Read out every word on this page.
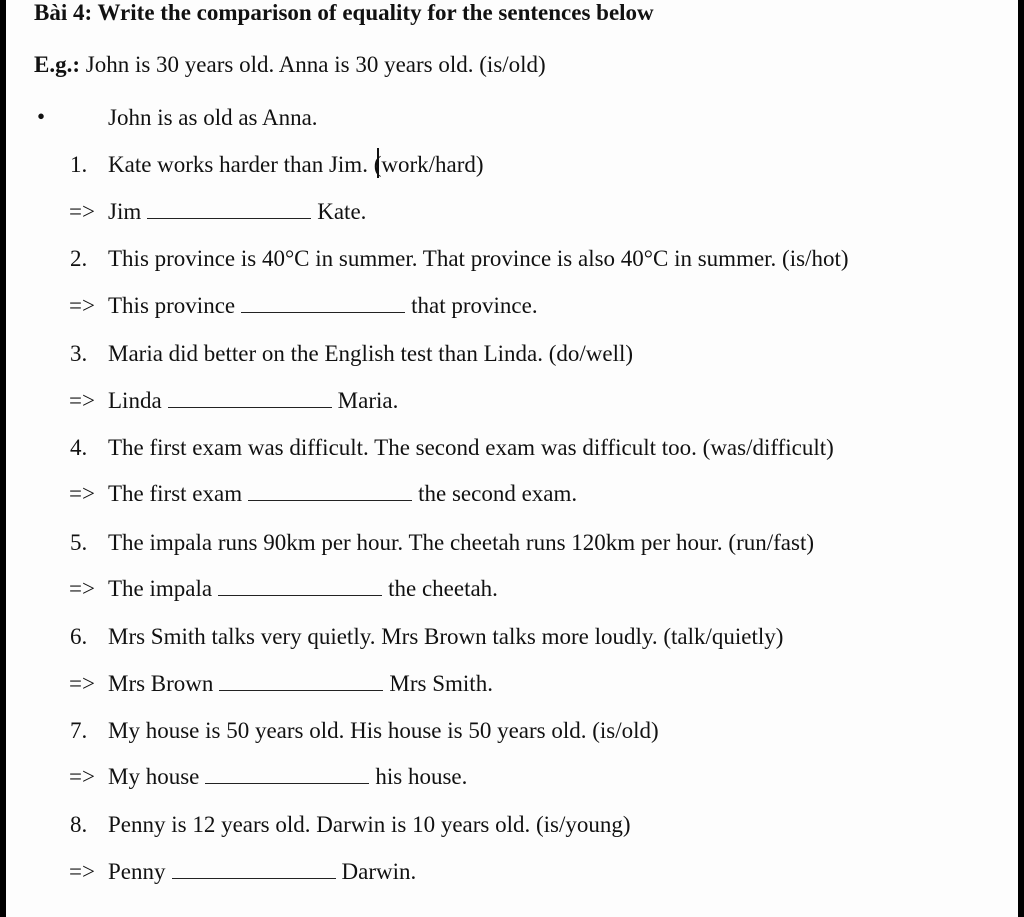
Bài 4: Write the comparison of equality for the sentences below
E.g.: John is 30 years old. Anna is 30 years old. (is/old)
•	John is as old as Anna.
1. Kate works harder than Jim. (work/hard)
=> Jim	Kate.
2. This province is 40°C in summer. That province is also 40°C in summer. (is/hot)
=> This province	that province.
3. Maria did better on the English test than Linda. (do/well)
=> Linda	Maria.
4. The first exam was difficult. The second exam was difficult too. (was/difficult)
=> The first exam	the second exam.
5. The impala runs 90km per hour. The cheetah runs 120km per hour. (run/fast)
=> The impala	the cheetah.
6. Mrs Smith talks very quietly. Mrs Brown talks more loudly. (talk/quietly)
=> Mrs Brown	Mrs Smith.
7. My house is 50 years old. His house is 50 years old. (is/old)
=> My house	his house.
8. Penny is 12 years old. Darwin is 10 years old. (is/young)
=> Penny	Darwin.
